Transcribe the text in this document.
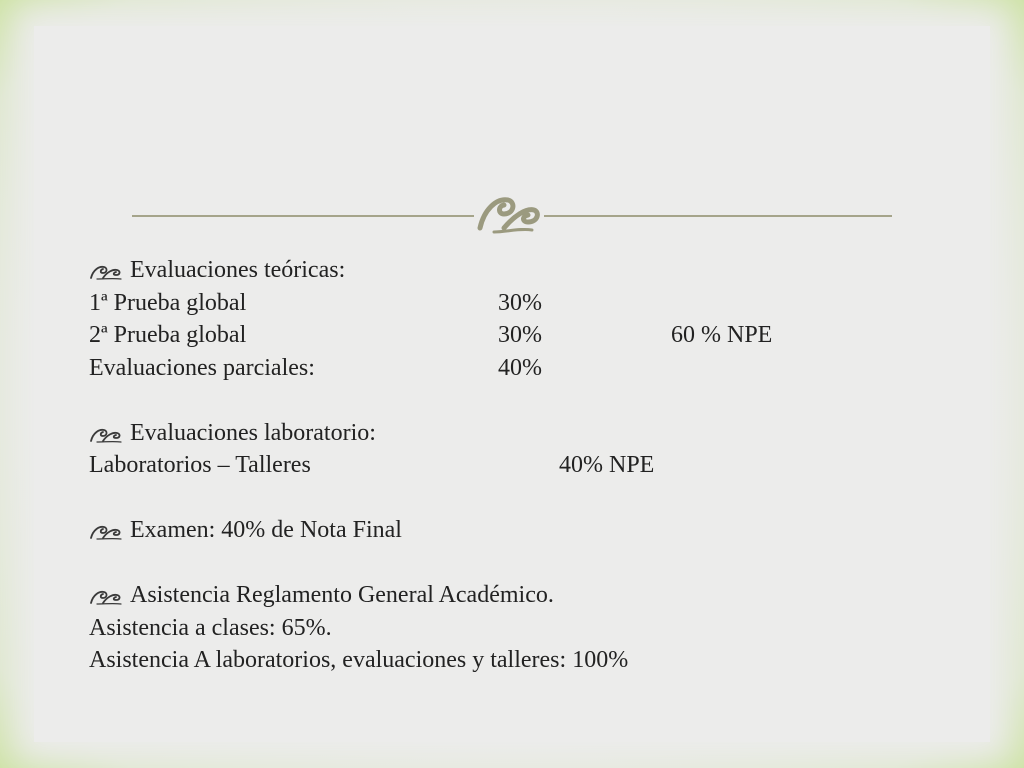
Evaluaciones teóricas:
1ª Prueba global	30%
2ª Prueba global	30%	60 % NPE
Evaluaciones parciales:	40%
Evaluaciones laboratorio:
Laboratorios – Talleres	40% NPE
Examen: 40% de Nota Final
Asistencia Reglamento General Académico.
Asistencia a clases: 65%.
Asistencia A laboratorios, evaluaciones y talleres: 100%
